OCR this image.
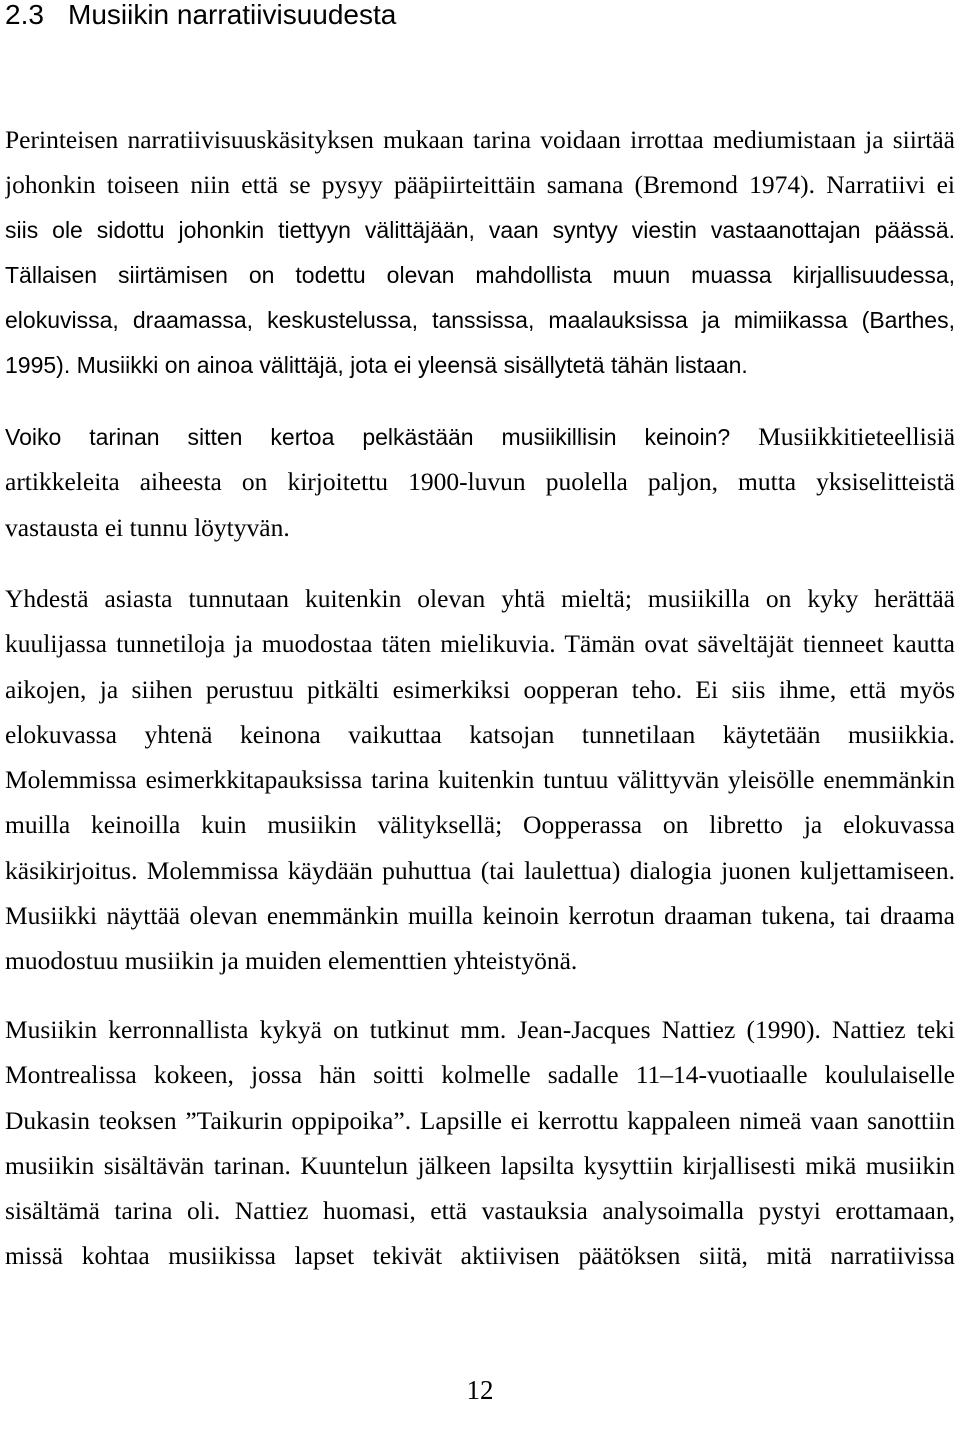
2.3 Musiikin narratiivisuudesta
Perinteisen narratiivisuuskäsityksen mukaan tarina voidaan irrottaa mediumistaan ja siirtää
johonkin toiseen niin että se pysyy pääpiirteittäin samana (Bremond 1974). Narratiivi ei
siis ole sidottu johonkin tiettyyn välittäjään, vaan syntyy viestin vastaanottajan päässä.
Tällaisen siirtämisen on todettu olevan mahdollista muun muassa kirjallisuudessa,
elokuvissa, draamassa, keskustelussa, tanssissa, maalauksissa ja mimiikassa (Barthes,
1995). Musiikki on ainoa välittäjä, jota ei yleensä sisällytetä tähän listaan.
Voiko tarinan sitten kertoa pelkästään musiikillisin keinoin? Musiikkitieteellisiä
artikkeleita aiheesta on kirjoitettu 1900-luvun puolella paljon, mutta yksiselitteistä
vastausta ei tunnu löytyvän.
Yhdestä asiasta tunnutaan kuitenkin olevan yhtä mieltä; musiikilla on kyky herättää
kuulijassa tunnetiloja ja muodostaa täten mielikuvia. Tämän ovat säveltäjät tienneet kautta
aikojen, ja siihen perustuu pitkälti esimerkiksi oopperan teho. Ei siis ihme, että myös
elokuvassa yhtenä keinona vaikuttaa katsojan tunnetilaan käytetään musiikkia.
Molemmissa esimerkkitapauksissa tarina kuitenkin tuntuu välittyvän yleisölle enemmänkin
muilla keinoilla kuin musiikin välityksellä; Oopperassa on libretto ja elokuvassa
käsikirjoitus. Molemmissa käydään puhuttua (tai laulettua) dialogia juonen kuljettamiseen.
Musiikki näyttää olevan enemmänkin muilla keinoin kerrotun draaman tukena, tai draama
muodostuu musiikin ja muiden elementtien yhteistyönä.
Musiikin kerronnallista kykyä on tutkinut mm. Jean-Jacques Nattiez (1990). Nattiez teki
Montrealissa kokeen, jossa hän soitti kolmelle sadalle 11–14-vuotiaalle koululaiselle
Dukasin teoksen ”Taikurin oppipoika”. Lapsille ei kerrottu kappaleen nimeä vaan sanottiin
musiikin sisältävän tarinan. Kuuntelun jälkeen lapsilta kysyttiin kirjallisesti mikä musiikin
sisältämä tarina oli. Nattiez huomasi, että vastauksia analysoimalla pystyi erottamaan,
missä kohtaa musiikissa lapset tekivät aktiivisen päätöksen siitä, mitä narratiivissa
12
